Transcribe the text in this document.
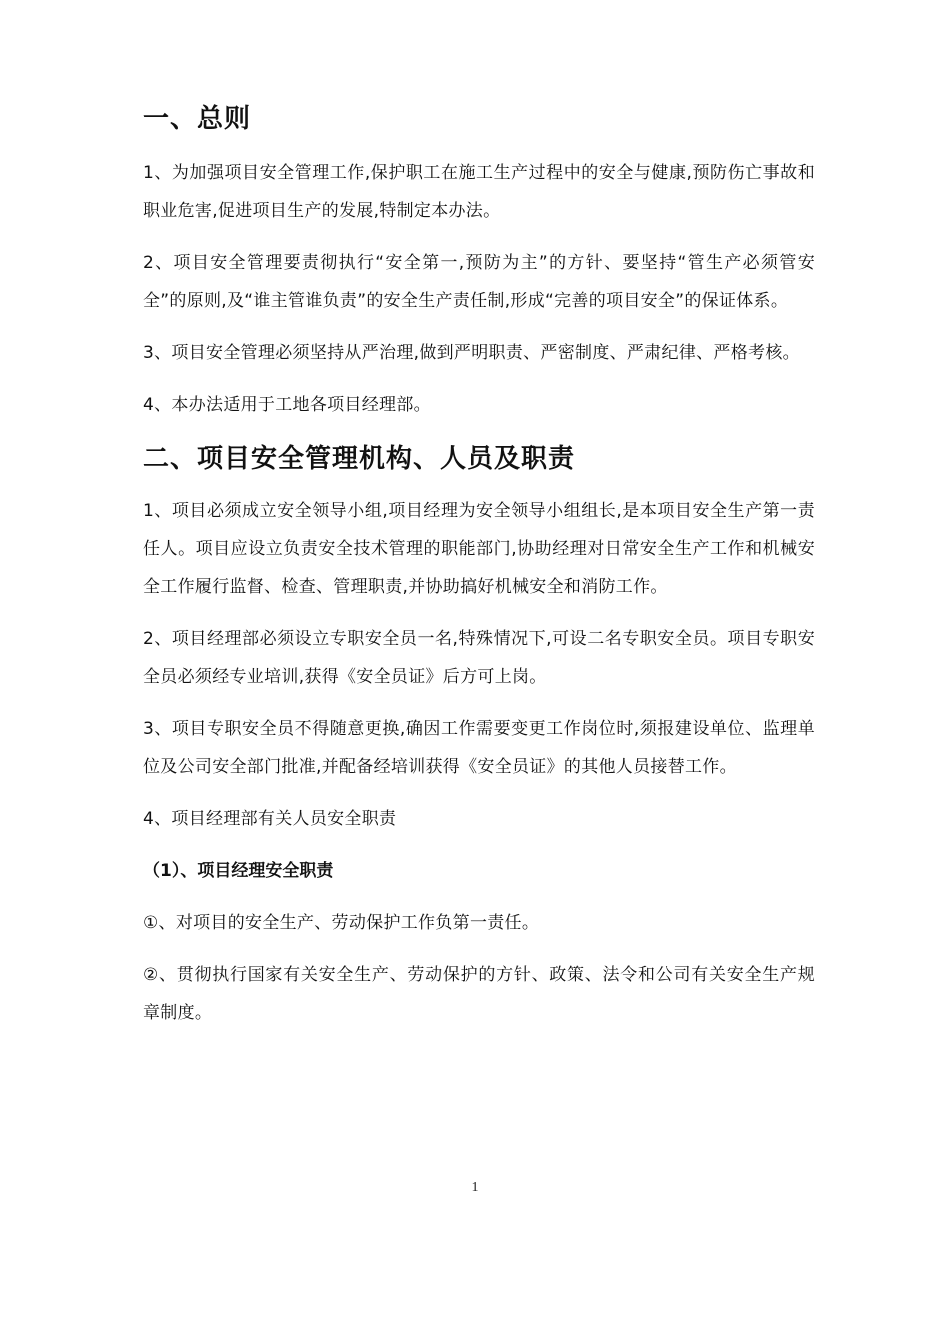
一、总则

1、为加强项目安全管理工作,保护职工在施工生产过程中的安全与健康,预防伤亡事故和职业危害,促进项目生产的发展,特制定本办法。

2、项目安全管理要责彻执行“安全第一,预防为主”的方针、要坚持“管生产必须管安全”的原则,及“谁主管谁负责”的安全生产责任制,形成“完善的项目安全”的保证体系。

3、项目安全管理必须坚持从严治理,做到严明职责、严密制度、严肃纪律、严格考核。

4、本办法适用于工地各项目经理部。

二、项目安全管理机构、人员及职责

1、项目必须成立安全领导小组,项目经理为安全领导小组组长,是本项目安全生产第一责任人。项目应设立负责安全技术管理的职能部门,协助经理对日常安全生产工作和机械安全工作履行监督、检查、管理职责,并协助搞好机械安全和消防工作。

2、项目经理部必须设立专职安全员一名,特殊情况下,可设二名专职安全员。项目专职安全员必须经专业培训,获得《安全员证》后方可上岗。

3、项目专职安全员不得随意更换,确因工作需要变更工作岗位时,须报建设单位、监理单位及公司安全部门批准,并配备经培训获得《安全员证》的其他人员接替工作。

4、项目经理部有关人员安全职责

（1）、项目经理安全职责

①、对项目的安全生产、劳动保护工作负第一责任。

②、贯彻执行国家有关安全生产、劳动保护的方针、政策、法令和公司有关安全生产规章制度。

1
